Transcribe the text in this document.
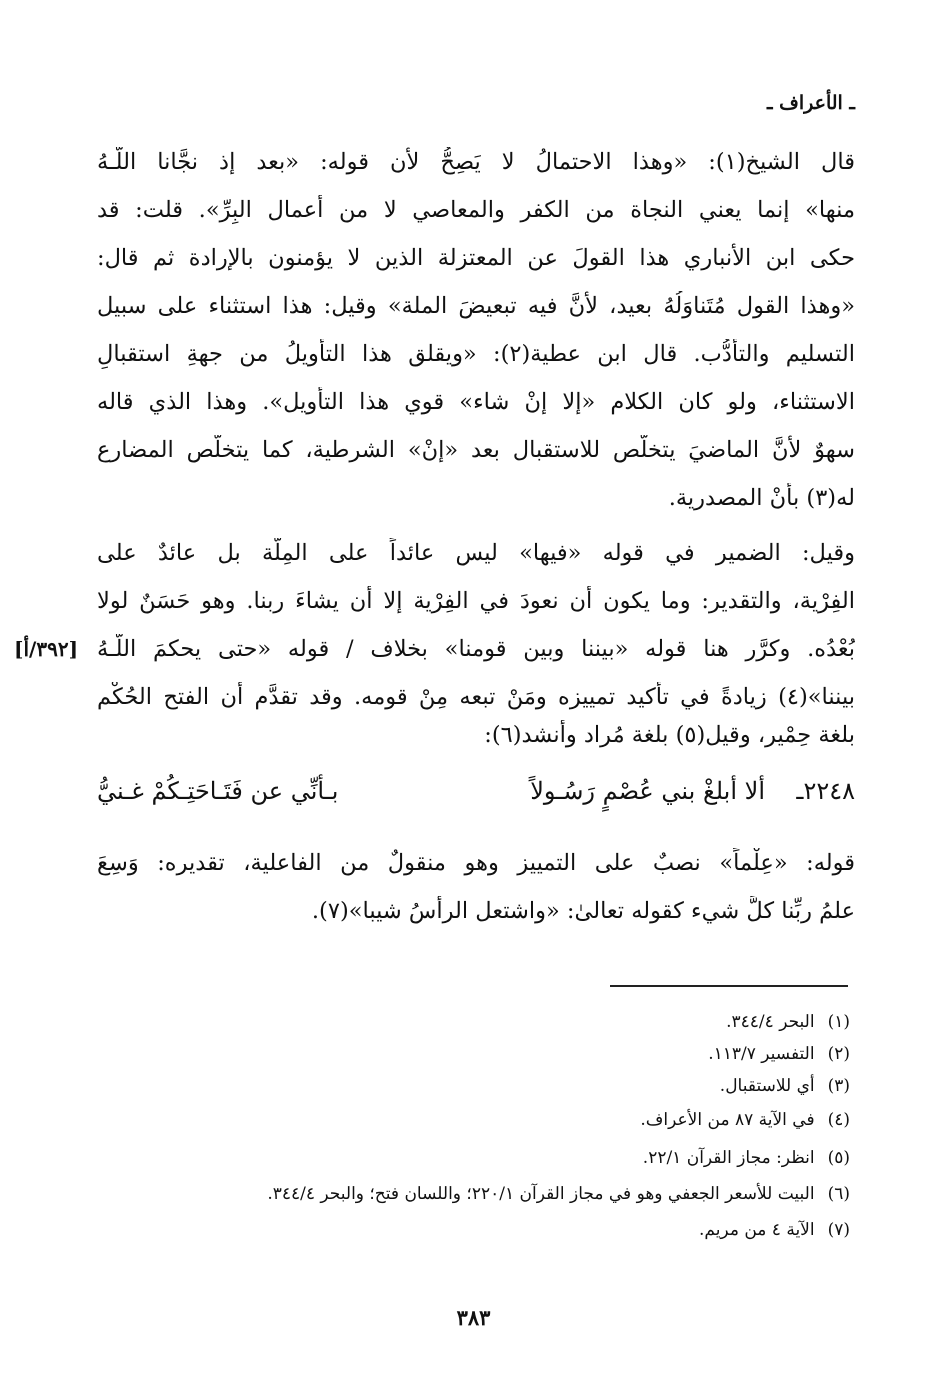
ـ الأعراف ـ
قال الشيخ(١): «وهذا الاحتمالُ لا يَصِحُّ لأن قوله: «بعد إذ نجَّانا اللّـهُ
منها» إنما يعني النجاة من الكفر والمعاصي لا من أعمال البِرِّ». قلت: قد
حكى ابن الأنباري هذا القولَ عن المعتزلة الذين لا يؤمنون بالإرادة ثم قال:
«وهذا القول مُتَناوَلُهُ بعيد، لأنَّ فيه تبعيضَ الملة» وقيل: هذا استثناء على سبيل
التسليم والتأدُّب. قال ابن عطية(٢): «ويقلق هذا التأويلُ من جهةِ استقبالِ
الاستثناء، ولو كان الكلام «إلا إنْ شاء» قوي هذا التأويل». وهذا الذي قاله
سهوٌ لأنَّ الماضيَ يتخلَّص للاستقبال بعد «إنْ» الشرطية، كما يتخلَّص المضارع
له(٣) بأَنْ المصدرية.
وقيل: الضمير في قوله «فيها» ليس عائداً على المِلَّة بل عائدٌ على
الفِرْية، والتقدير: وما يكون أن نعودَ في الفِرْية إلا أن يشاءَ ربنا. وهو حَسَنٌ لولا
بُعْدُه. وكرَّر هنا قوله «بيننا وبين قومنا» بخلاف / قوله «حتى يحكمَ اللّـهُ
بيننا»(٤) زيادةً في تأكيد تمييزه ومَنْ تبعه مِنْ قومه. وقد تقدَّم أن الفتح الحُكْم
بلغة حِمْير، وقيل(٥) بلغة مُراد وأنشد(٦):
[٣٩٢/أ]
٢٢٤٨ـ
ألا أبلغْ بني عُصْمٍ رَسُـولاً
بـأنِّي عن فَتَـاحَتِـكُمْ غـنيُّ
قوله: «عِلْماً» نصبٌ على التمييز وهو منقولٌ من الفاعلية، تقديره: وَسِعَ
علمُ ربِّنا كلَّ شيء كقوله تعالىٰ: «واشتعل الرأسُ شيبا»(٧).
(١) البحر ٣٤٤/٤.
(٢) التفسير ١١٣/٧.
(٣) أي للاستقبال.
(٤) في الآية ٨٧ من الأعراف.
(٥) انظر: مجاز القرآن ٢٢/١.
(٦) البيت للأسعر الجعفي وهو في مجاز القرآن ٢٢٠/١؛ واللسان فتح؛ والبحر ٣٤٤/٤.
(٧) الآية ٤ من مريم.
٣٨٣
